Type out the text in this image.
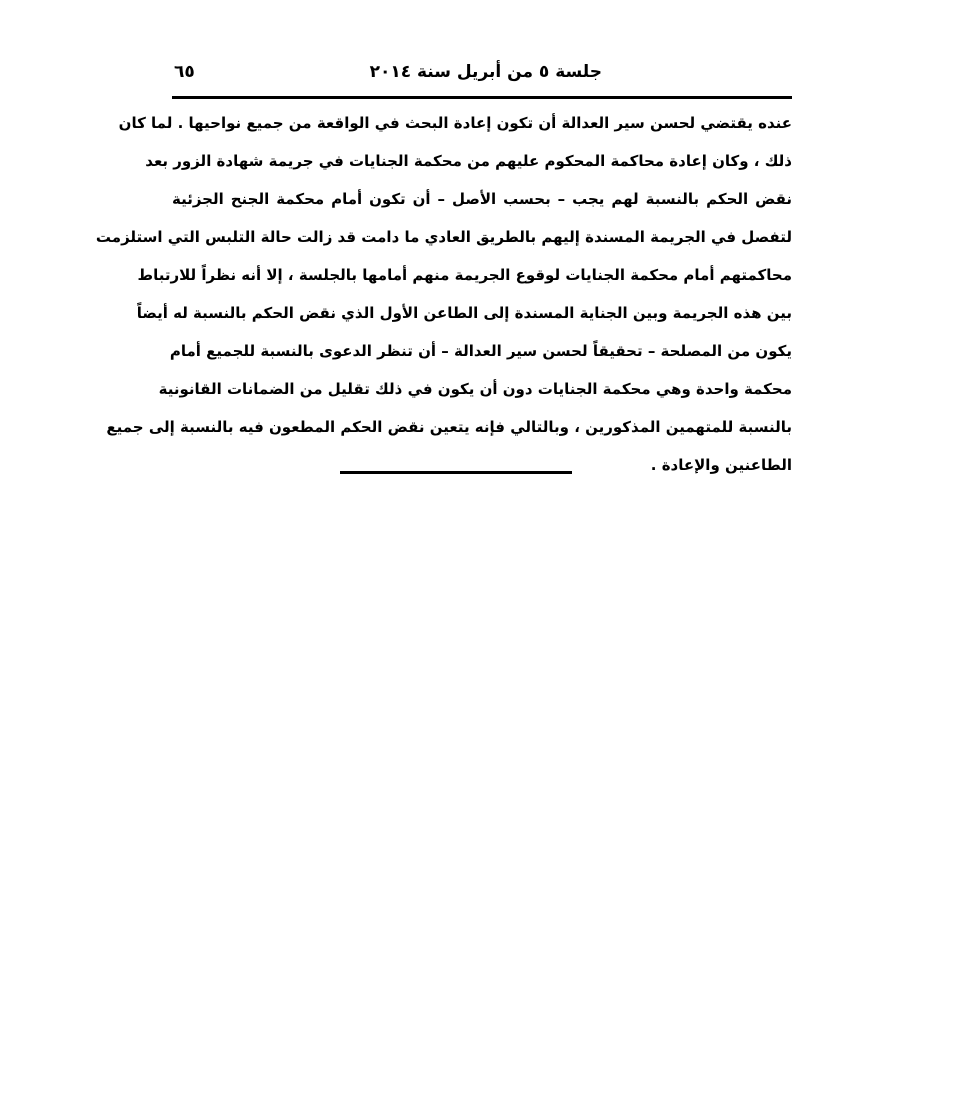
جلسة ٥ من أبريل سنة ٢٠١٤
٦٥
عنده يقتضي لحسن سير العدالة أن تكون إعادة البحث في الواقعة من جميع نواحيها . لما كان
ذلك ، وكان إعادة محاكمة المحكوم عليهم من محكمة الجنايات في جريمة شهادة الزور بعد
نقض الحكم بالنسبة لهم يجب – بحسب الأصل – أن تكون أمام محكمة الجنح الجزئية
لتفصل في الجريمة المسندة إليهم بالطريق العادي ما دامت قد زالت حالة التلبس التي استلزمت
محاكمتهم أمام محكمة الجنايات لوقوع الجريمة منهم أمامها بالجلسة ، إلا أنه نظراً للارتباط
بين هذه الجريمة وبين الجناية المسندة إلى الطاعن الأول الذي نقض الحكم بالنسبة له أيضاً
يكون من المصلحة – تحقيقاً لحسن سير العدالة – أن تنظر الدعوى بالنسبة للجميع أمام
محكمة واحدة وهي محكمة الجنايات دون أن يكون في ذلك تقليل من الضمانات القانونية
بالنسبة للمتهمين المذكورين ، وبالتالي فإنه يتعين نقض الحكم المطعون فيه بالنسبة إلى جميع
الطاعنين والإعادة .
